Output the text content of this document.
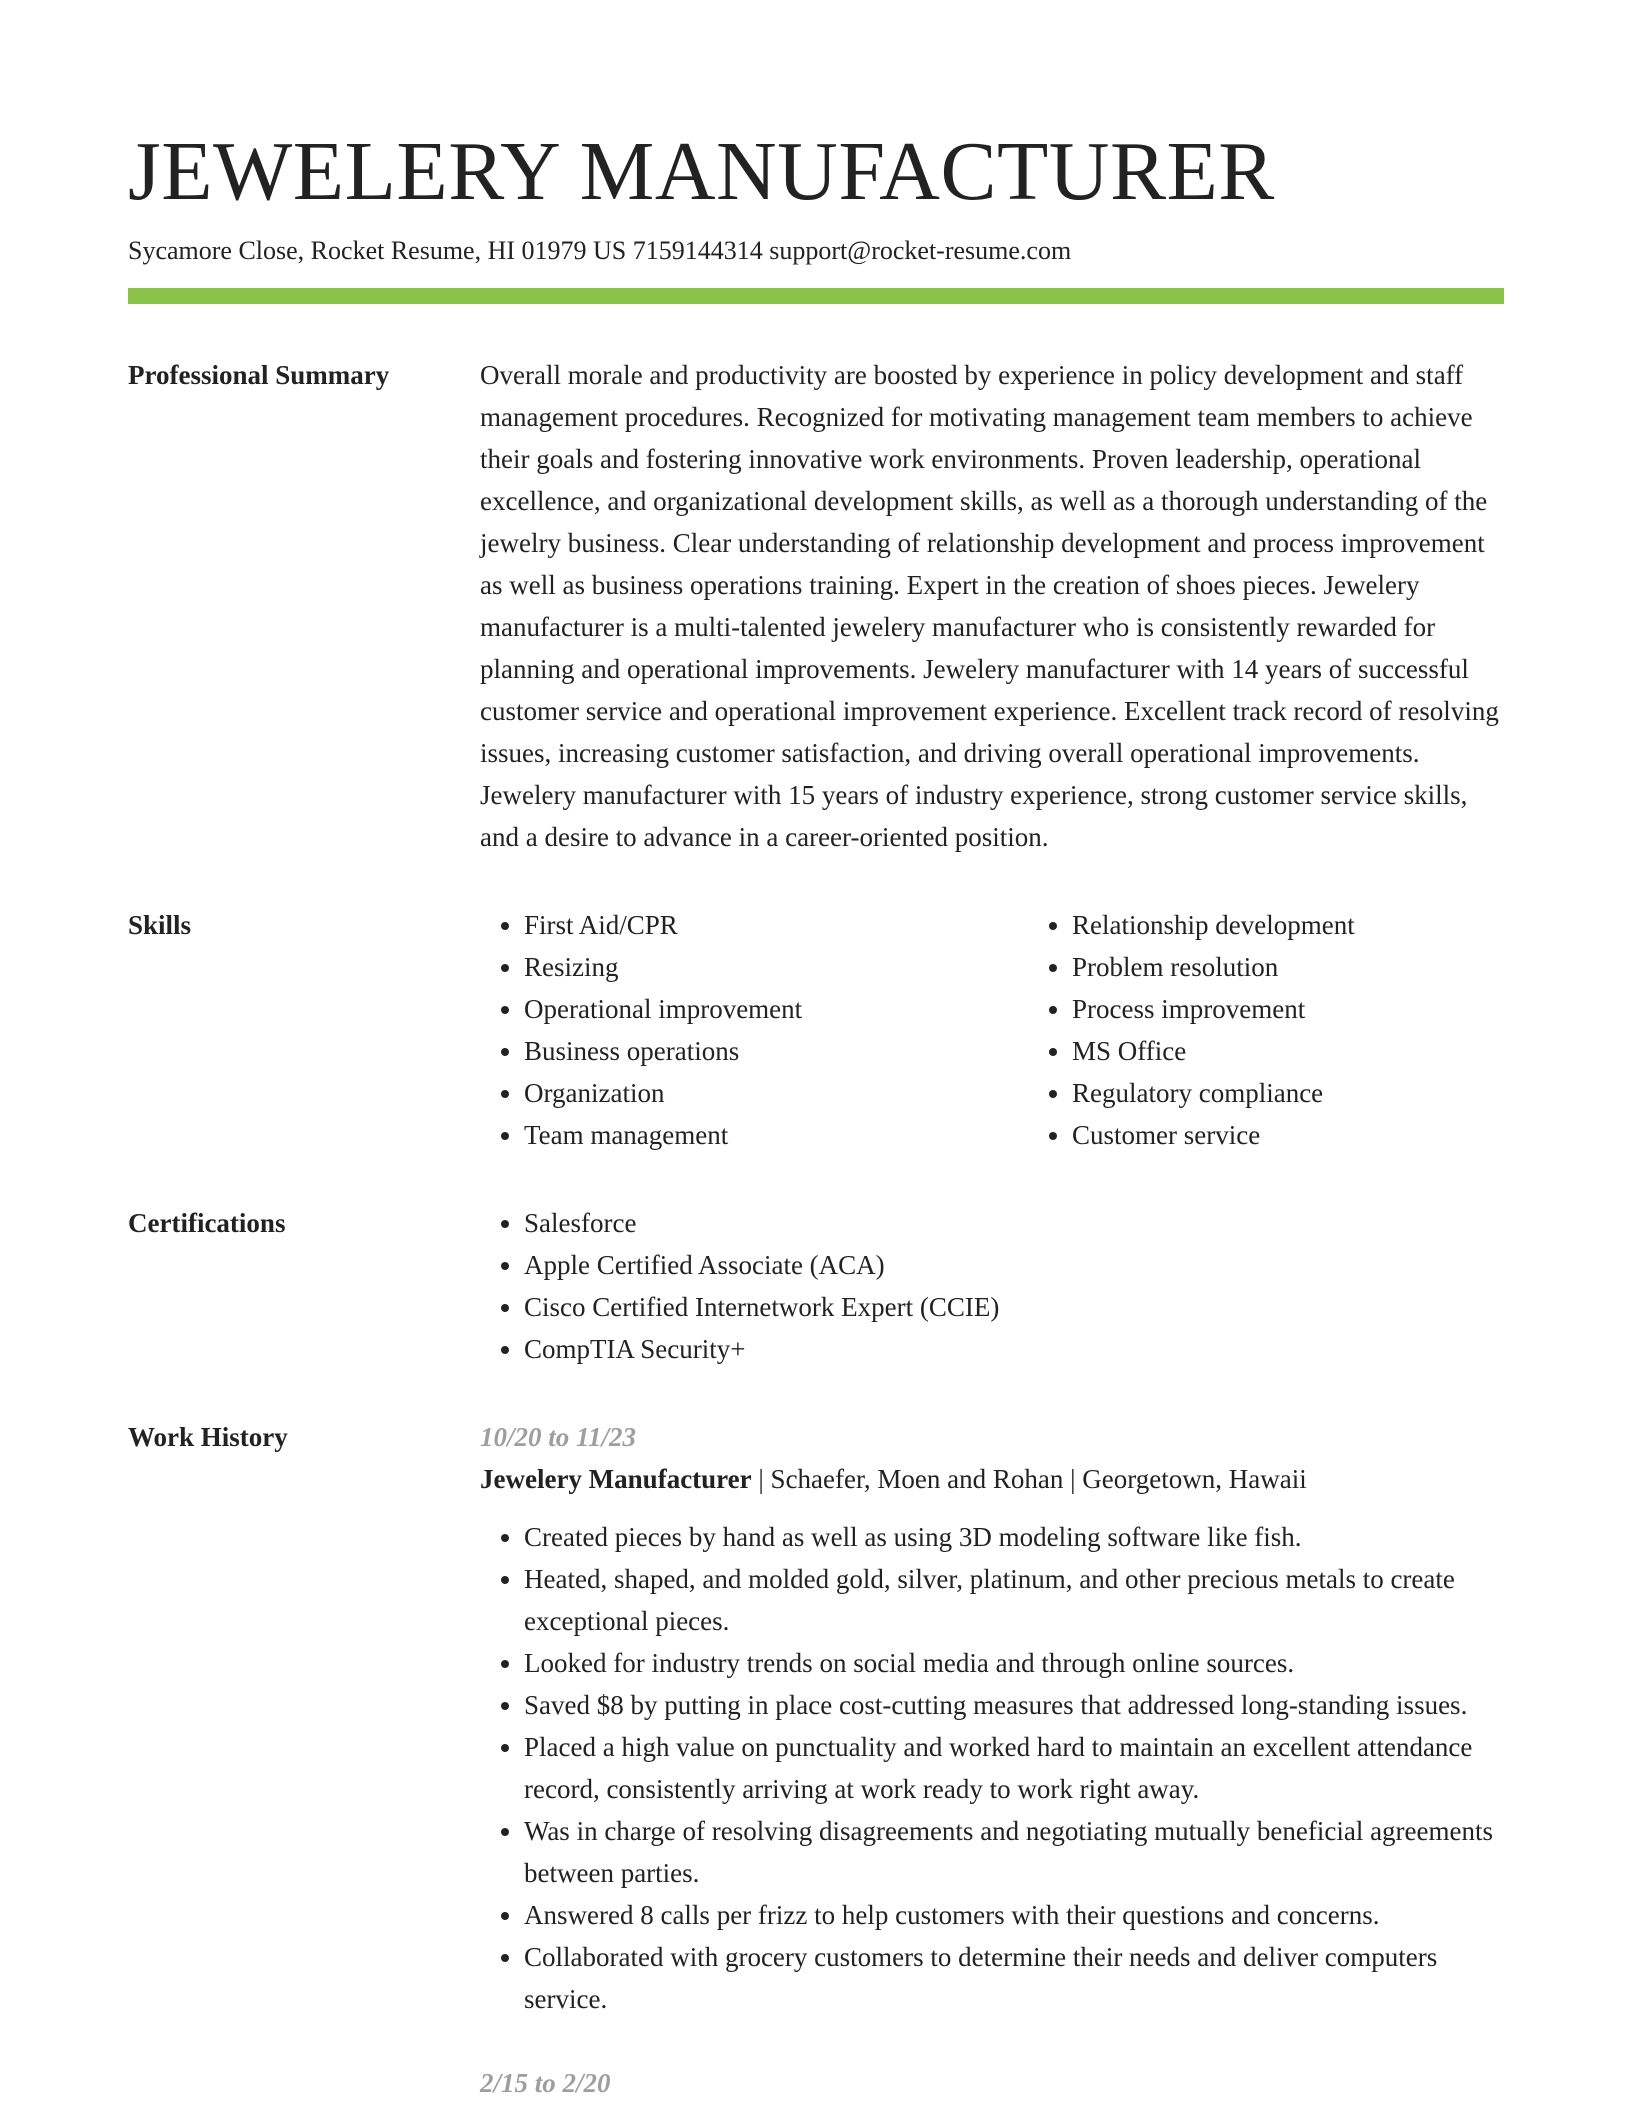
JEWELERY MANUFACTURER
Sycamore Close, Rocket Resume, HI 01979 US 7159144314 support@rocket-resume.com
Professional Summary	Overall morale and productivity are boosted by experience in policy development and staff management procedures. Recognized for motivating management team members to achieve their goals and fostering innovative work environments. Proven leadership, operational excellence, and organizational development skills, as well as a thorough understanding of the jewelry business. Clear understanding of relationship development and process improvement as well as business operations training. Expert in the creation of shoes pieces. Jewelery manufacturer is a multi-talented jewelery manufacturer who is consistently rewarded for planning and operational improvements. Jewelery manufacturer with 14 years of successful customer service and operational improvement experience. Excellent track record of resolving issues, increasing customer satisfaction, and driving overall operational improvements. Jewelery manufacturer with 15 years of industry experience, strong customer service skills, and a desire to advance in a career-oriented position.

Skills	• First Aid/CPR
• Resizing
• Operational improvement
• Business operations
• Organization
• Team management
• Relationship development
• Problem resolution
• Process improvement
• MS Office
• Regulatory compliance
• Customer service
Certifications	• Salesforce
• Apple Certified Associate (ACA)
• Cisco Certified Internetwork Expert (CCIE)
• CompTIA Security+
Work History	10/20 to 11/23
Jewelery Manufacturer | Schaefer, Moen and Rohan | Georgetown, Hawaii
• Created pieces by hand as well as using 3D modeling software like fish.
• Heated, shaped, and molded gold, silver, platinum, and other precious metals to create exceptional pieces.
• Looked for industry trends on social media and through online sources.
• Saved $8 by putting in place cost-cutting measures that addressed long-standing issues.
• Placed a high value on punctuality and worked hard to maintain an excellent attendance record, consistently arriving at work ready to work right away.
• Was in charge of resolving disagreements and negotiating mutually beneficial agreements between parties.
• Answered 8 calls per frizz to help customers with their questions and concerns.
• Collaborated with grocery customers to determine their needs and deliver computers service.
2/15 to 2/20
